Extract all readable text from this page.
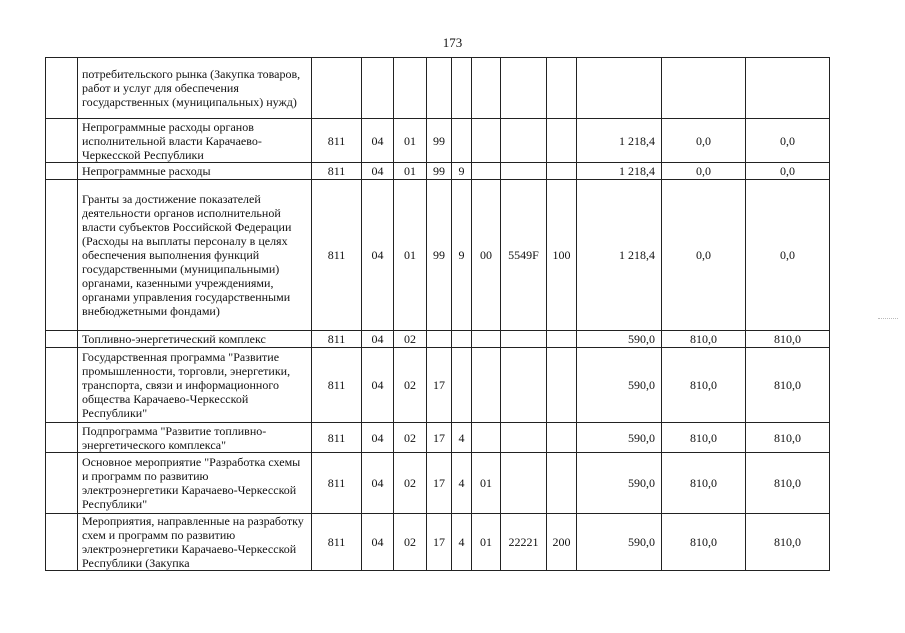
173
	потребительского рынка (Закупка товаров, работ и услуг для обеспечения государственных (муниципальных) нужд)											
	Непрограммные расходы органов исполнительной власти Карачаево-Черкесской Республики	811	04	01	99					1 218,4	0,0	0,0
	Непрограммные расходы	811	04	01	99	9				1 218,4	0,0	0,0
	Гранты за достижение показателей деятельности органов исполнительной власти субъектов Российской Федерации (Расходы на выплаты персоналу в целях обеспечения выполнения функций государственными (муниципальными) органами, казенными учреждениями, органами управления государственными внебюджетными фондами)	811	04	01	99	9	00	5549F	100	1 218,4	0,0	0,0
	Топливно-энергетический комплекс	811	04	02						590,0	810,0	810,0
	Государственная программа "Развитие промышленности, торговли, энергетики, транспорта, связи и информационного общества Карачаево-Черкесской Республики"	811	04	02	17					590,0	810,0	810,0
	Подпрограмма "Развитие топливно-энергетического комплекса"	811	04	02	17	4				590,0	810,0	810,0
	Основное мероприятие "Разработка схемы и программ по развитию электроэнергетики Карачаево-Черкесской Республики"	811	04	02	17	4	01			590,0	810,0	810,0
	Мероприятия, направленные на разработку схем и программ по развитию электроэнергетики Карачаево-Черкесской Республики (Закупка	811	04	02	17	4	01	22221	200	590,0	810,0	810,0
